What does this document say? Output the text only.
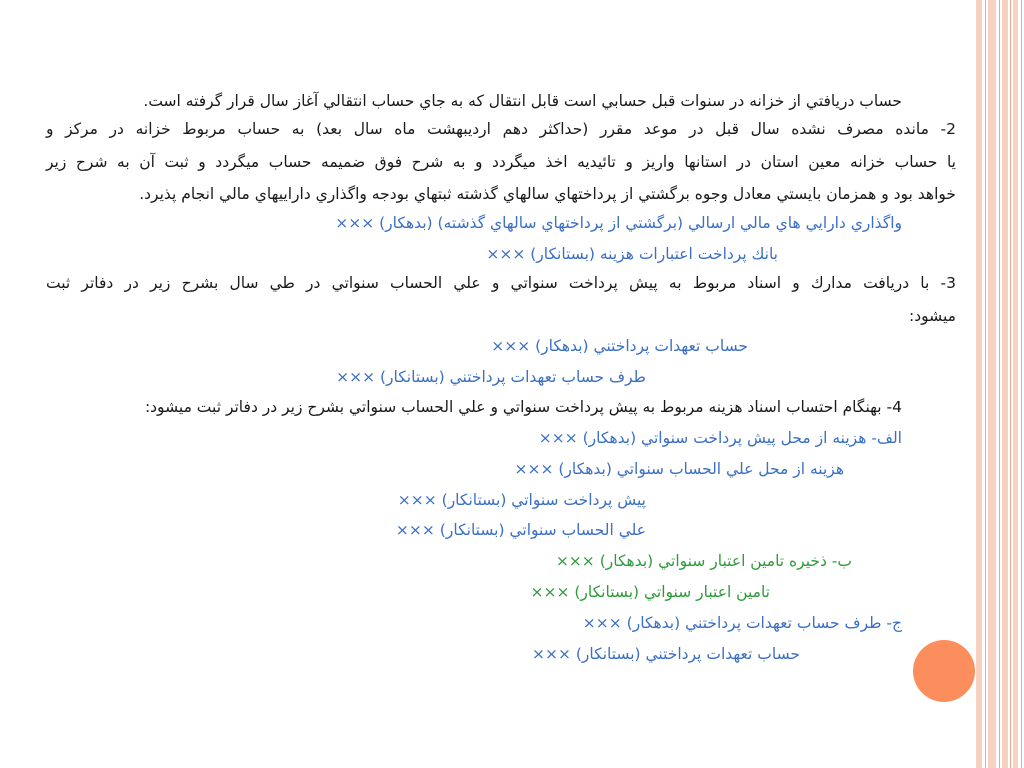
حساب دريافتي از خزانه در سنوات قبل حسابي است قابل انتقال که به جاي حساب انتقالي آغاز سال قرار گرفته است.
2- مانده مصرف نشده سال قبل در موعد مقرر (حداکثر دهم ارديبهشت ماه سال بعد) به حساب مربوط خزانه در مرکز و
يا حساب خزانه معين استان در استانها واريز و تائيديه اخذ ميگردد و به شرح فوق ضميمه حساب ميگردد و ثبت آن به شرح زير
خواهد بود و همزمان بايستي معادل وجوه برگشتي از پرداختهاي سالهاي گذشته ثبتهاي بودجه واگذاري داراييهاي مالي انجام پذيرد.
واگذاري دارايي هاي مالي ارسالي (برگشتي از پرداختهاي سالهاي گذشته) (بدهکار) ×××
بانك پرداخت اعتبارات هزينه (بستانكار) ×××
3- با دريافت مدارك و اسناد مربوط به پيش پرداخت سنواتي و علي الحساب سنواتي در طي سال بشرح زير در دفاتر ثبت
ميشود:
حساب تعهدات پرداختني (بدهكار) ×××
طرف حساب تعهدات پرداختني (بستانكار) ×××
4- بهنگام احتساب اسناد هزينه مربوط به پيش پرداخت سنواتي و علي الحساب سنواتي بشرح زير در دفاتر ثبت ميشود:
الف- هزينه از محل پيش پرداخت سنواتي (بدهكار) ×××
هزينه از محل علي الحساب سنواتي (بدهكار) ×××
پيش پرداخت سنواتي (بستانكار) ×××
علي الحساب سنواتي (بستانكار) ×××
ب- ذخيره تامين اعتبار سنواتي (بدهكار) ×××
تامين اعتبار سنواتي (بستانكار) ×××
ج- طرف حساب تعهدات پرداختني (بدهكار) ×××
حساب تعهدات پرداختني (بستانكار) ×××
